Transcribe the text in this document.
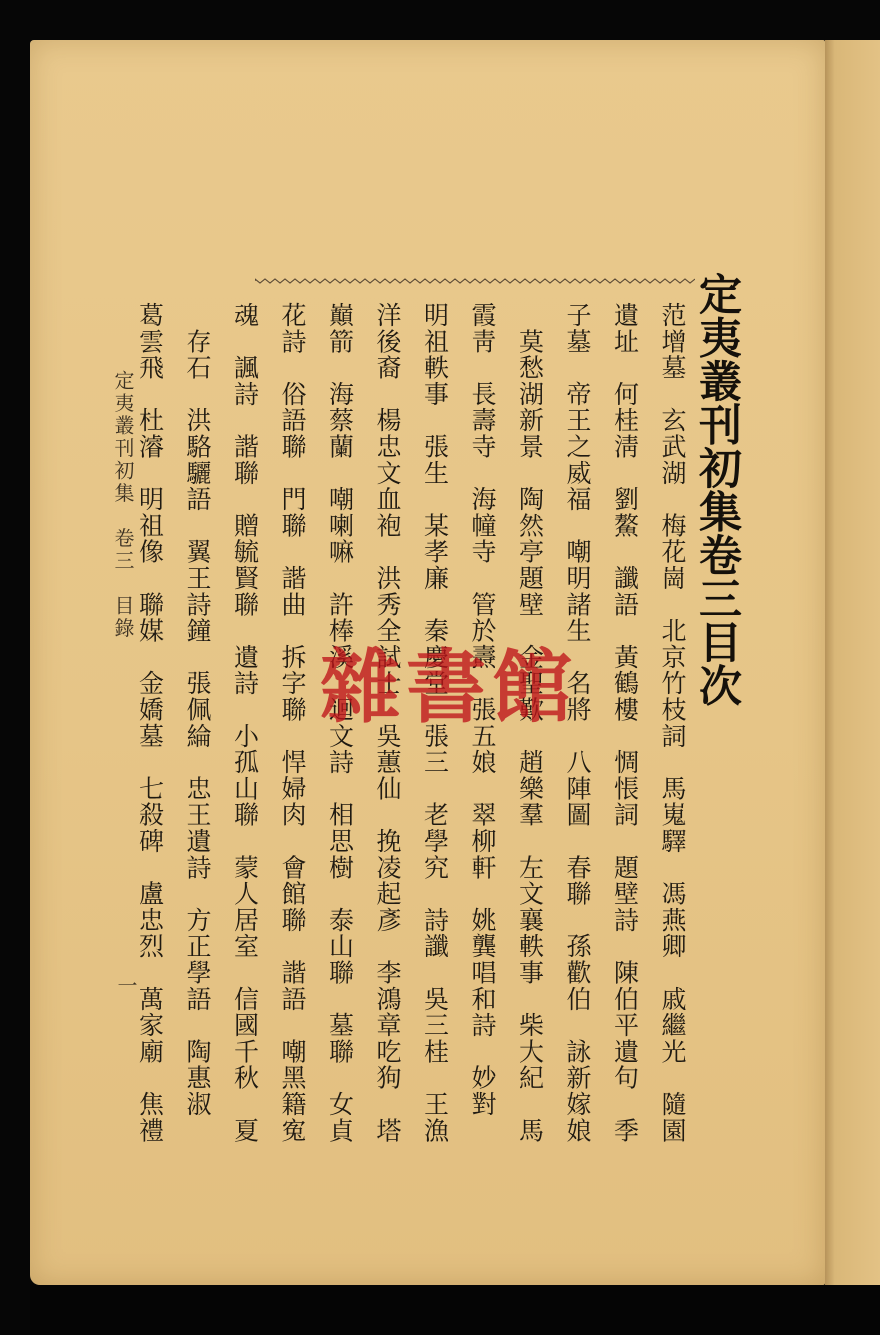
定夷叢刊初集卷三目次
范增墓　玄武湖　梅花崗　北京竹枝詞　馬嵬驛　馮燕卿　戚繼光　隨園
遺址　何桂淸　劉鰲　讖語　黃鶴樓　惆悵詞　題壁詩　陳伯平遺句　季
子墓　帝王之威福　嘲明諸生　名將　八陣圖　春聯　孫歡伯　詠新嫁娘
　莫愁湖新景　陶然亭題壁　金聖歎　趙樂羣　左文襄軼事　柴大紀　馬
霞靑　長壽寺　海幢寺　管於燾　張五娘　翠柳軒　姚龔唱和詩　妙對
明祖軼事　張生　某孝廉　秦慶堂　張三　老學究　詩讖　吳三桂　王漁
洋後裔　楊忠文血袍　洪秀全試士　吳蕙仙　挽凌起彥　李鴻章吃狗　塔
巔箭　海蔡蘭　嘲喇嘛　許棒溪　迴文詩　相思樹　泰山聯　墓聯　女貞
花詩　俗語聯　門聯　諧曲　拆字聯　悍婦肉　會館聯　諧語　嘲黑籍寃
魂　諷詩　諧聯　贈毓賢聯　遺詩　小孤山聯　蒙人居室　信國千秋　夏
　存石　洪駱驪語　翼王詩鐘　張佩綸　忠王遺詩　方正學語　陶惠淑
葛雲飛　杜濬　明祖像　聯媒　金嬌墓　七殺碑　盧忠烈　萬家廟　焦禮
定夷叢刊初集　卷三　目錄
一
雜書館
